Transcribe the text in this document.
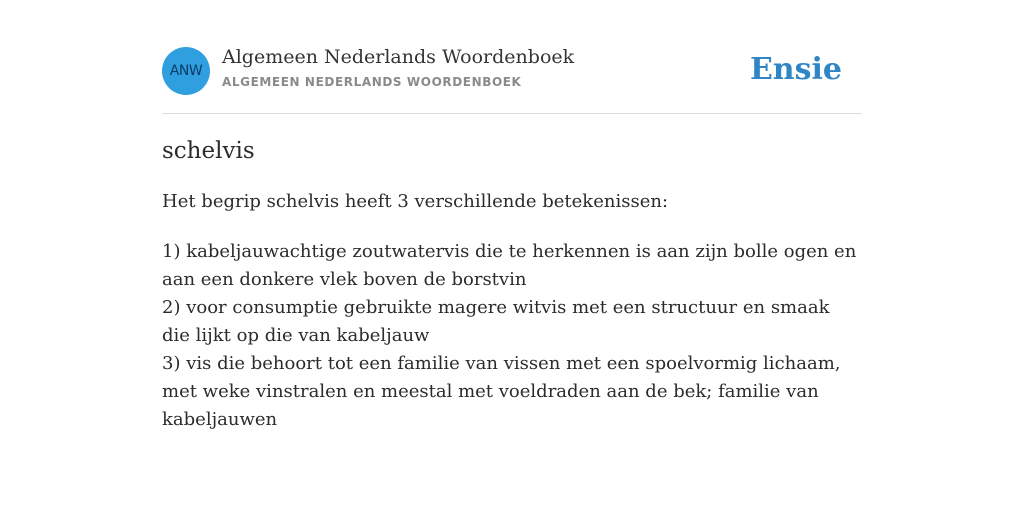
ANW
Algemeen Nederlands Woordenboek
ALGEMEEN NEDERLANDS WOORDENBOEK	Ensie
schelvis
Het begrip schelvis heeft 3 verschillende betekenissen:
1) kabeljauwachtige zoutwatervis die te herkennen is aan zijn bolle ogen en aan een donkere vlek boven de borstvin
2) voor consumptie gebruikte magere witvis met een structuur en smaak die lijkt op die van kabeljauw
3) vis die behoort tot een familie van vissen met een spoelvormig lichaam, met weke vinstralen en meestal met voeldraden aan de bek; familie van kabeljauwen
